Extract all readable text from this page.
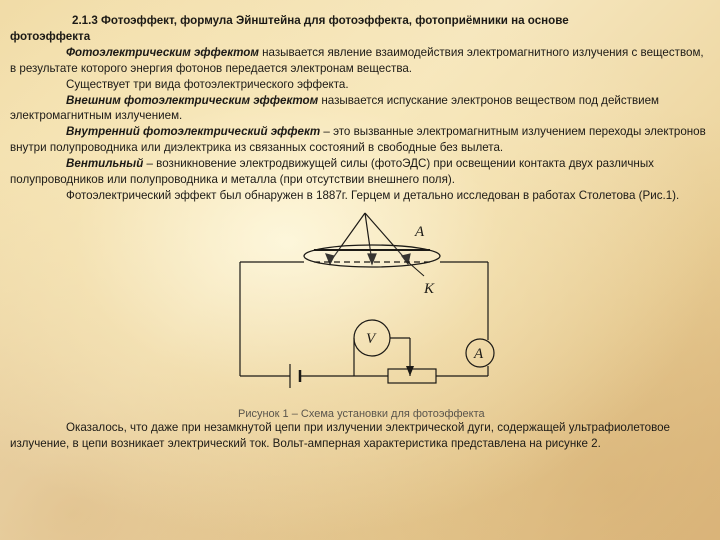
2.1.3 Фотоэффект, формула Эйнштейна для фотоэффекта, фотоприёмники на основе

фотоэффекта

Фотоэлектрическим эффектом называется явление взаимодействия электромагнитного излучения с веществом, в результате которого энергия фотонов передается электронам вещества.

Существует три вида фотоэлектрического эффекта.

Внешним фотоэлектрическим эффектом называется испускание электронов веществом под действием электромагнитным излучением.

Внутренний фотоэлектрический эффект – это вызванные электромагнитным излучением переходы электронов внутри полупроводника или диэлектрика из связанных состояний в свободные без вылета.

Вентильный – возникновение электродвижущей силы (фотоЭДС) при освещении контакта двух различных полупроводников или полупроводника и металла (при отсутствии внешнего поля).

Фотоэлектрический эффект был обнаружен в 1887г. Герцем и детально исследован в работах Столетова (Рис.1).

А
К
V
А
Рисунок 1 – Схема установки для фотоэффекта

Оказалось, что даже при незамкнутой цепи при излучении электрической дуги, содержащей ультрафиолетовое излучение, в цепи возникает электрический ток. Вольт-амперная характеристика представлена на рисунке 2.
